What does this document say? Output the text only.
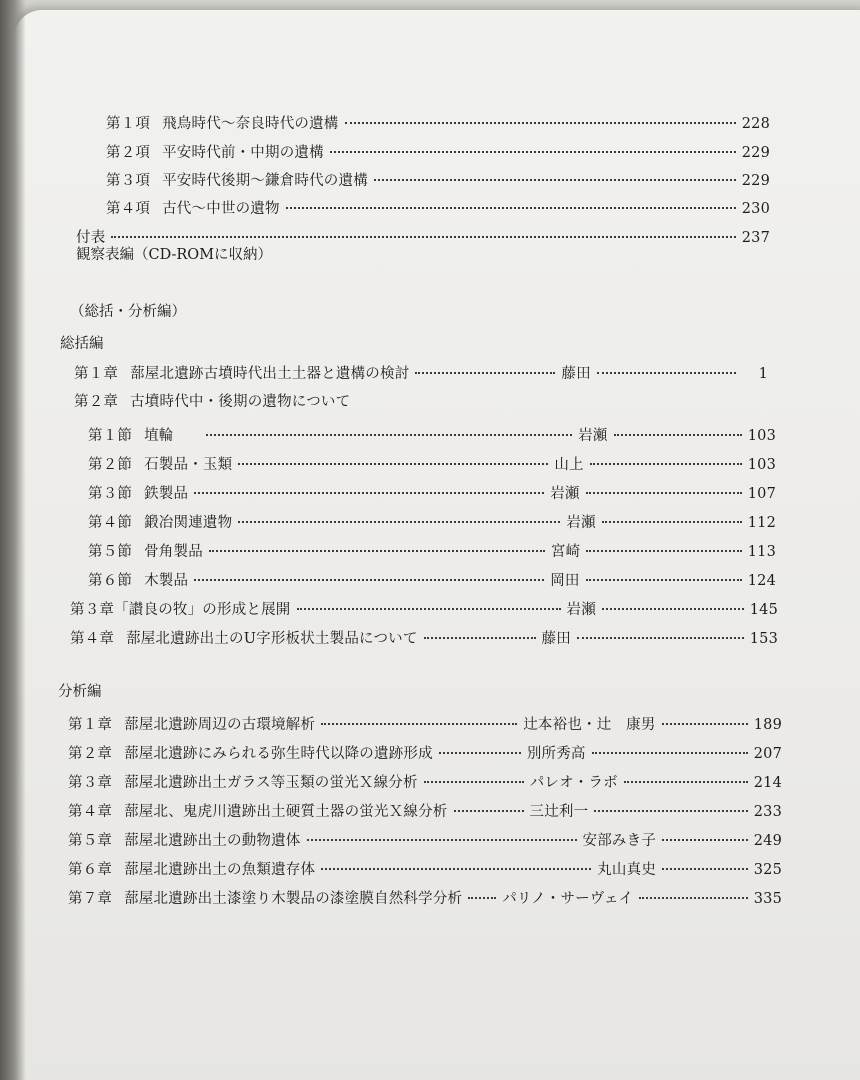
第１項 飛鳥時代～奈良時代の遺構	228
第２項 平安時代前・中期の遺構	229
第３項 平安時代後期～鎌倉時代の遺構	229
第４項 古代～中世の遺物	230
付表	237
観察表編（CD-ROMに収納）
（総括・分析編）
総括編
第１章 蔀屋北遺跡古墳時代出土土器と遺構の検討	藤田	1
第２章 古墳時代中・後期の遺物について
第１節 埴輪	岩瀬	103
第２節 石製品・玉類	山上	103
第３節 鉄製品	岩瀬	107
第４節 鍛冶関連遺物	岩瀬	112
第５節 骨角製品	宮崎	113
第６節 木製品	岡田	124
第３章 「讃良の牧」の形成と展開	岩瀬	145
第４章 蔀屋北遺跡出土のU字形板状土製品について	藤田	153
分析編
第１章 蔀屋北遺跡周辺の古環境解析	辻本裕也・辻　康男	189
第２章 蔀屋北遺跡にみられる弥生時代以降の遺跡形成	別所秀高	207
第３章 蔀屋北遺跡出土ガラス等玉類の蛍光Ｘ線分析	パレオ・ラボ	214
第４章 蔀屋北、鬼虎川遺跡出土硬質土器の蛍光Ｘ線分析	三辻利一	233
第５章 蔀屋北遺跡出土の動物遺体	安部みき子	249
第６章 蔀屋北遺跡出土の魚類遺存体	丸山真史	325
第７章 蔀屋北遺跡出土漆塗り木製品の漆塗膜自然科学分析	パリノ・サーヴェイ	335
